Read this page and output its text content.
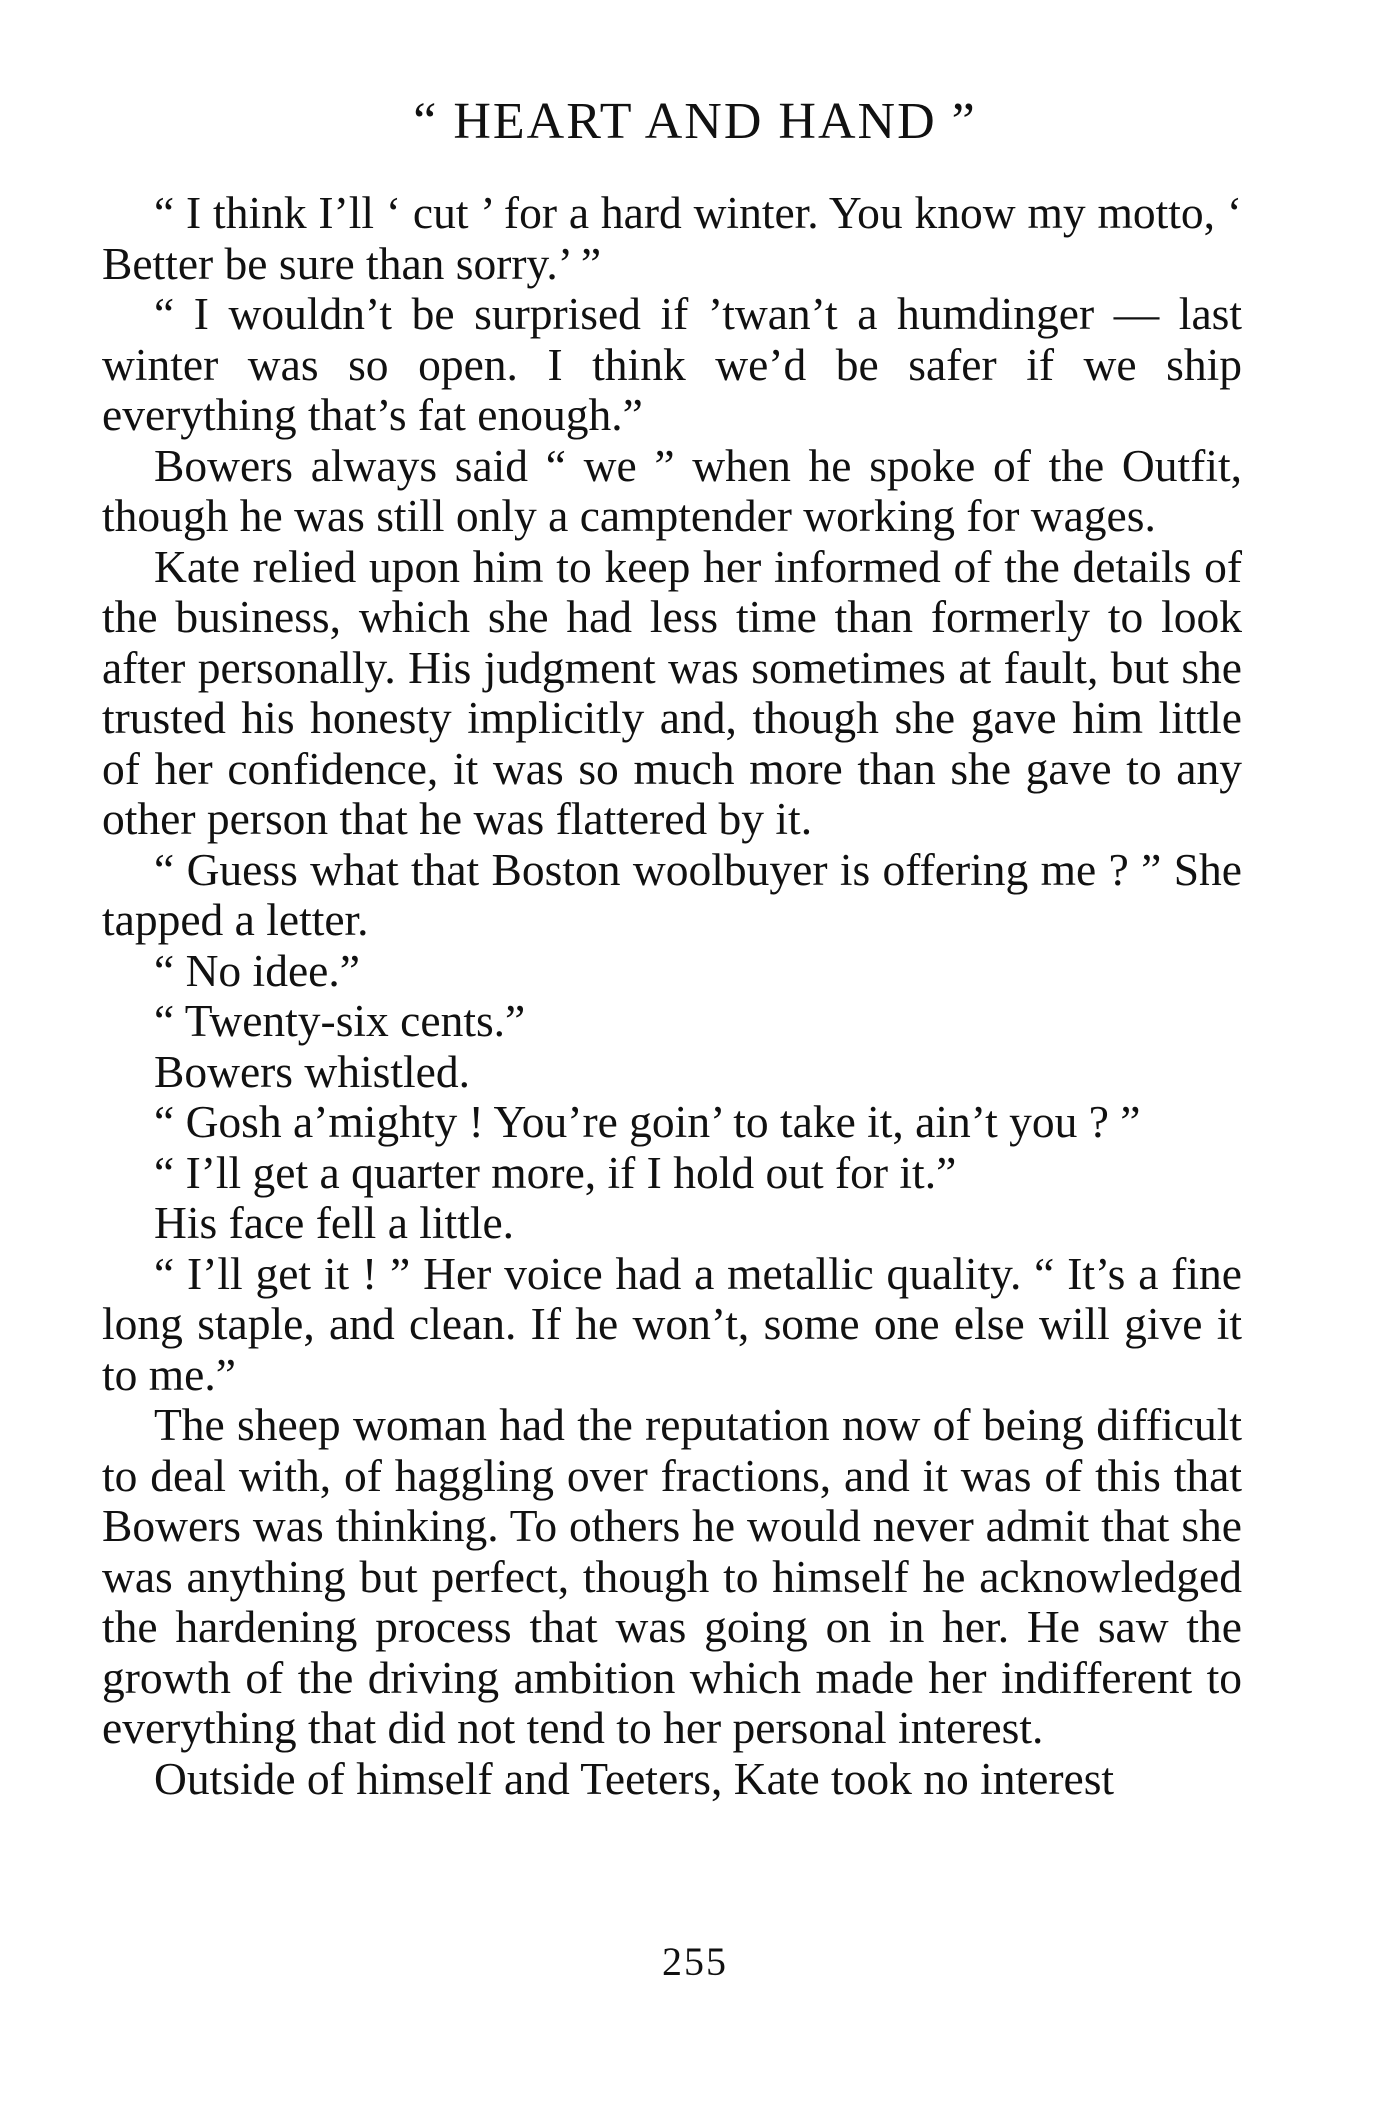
“ HEART AND HAND ”

“ I think I’ll ‘ cut ’ for a hard winter. You know my motto, ‘ Better be sure than sorry.’ ”

“ I wouldn’t be surprised if ’twan’t a humdinger — last winter was so open. I think we’d be safer if we ship everything that’s fat enough.”

Bowers always said “ we ” when he spoke of the Outfit, though he was still only a camptender working for wages.

Kate relied upon him to keep her informed of the details of the business, which she had less time than formerly to look after personally. His judgment was sometimes at fault, but she trusted his honesty implicitly and, though she gave him little of her confidence, it was so much more than she gave to any other person that he was flattered by it.

“ Guess what that Boston woolbuyer is offering me ? ” She tapped a letter.

“ No idee.”

“ Twenty-six cents.”

Bowers whistled.

“ Gosh a’mighty ! You’re goin’ to take it, ain’t you ? ”

“ I’ll get a quarter more, if I hold out for it.”

His face fell a little.

“ I’ll get it ! ” Her voice had a metallic quality. “ It’s a fine long staple, and clean. If he won’t, some one else will give it to me.”

The sheep woman had the reputation now of being difficult to deal with, of haggling over fractions, and it was of this that Bowers was thinking. To others he would never admit that she was anything but perfect, though to himself he acknowledged the hardening process that was going on in her. He saw the growth of the driving ambition which made her indifferent to everything that did not tend to her personal interest.

Outside of himself and Teeters, Kate took no interest

255
